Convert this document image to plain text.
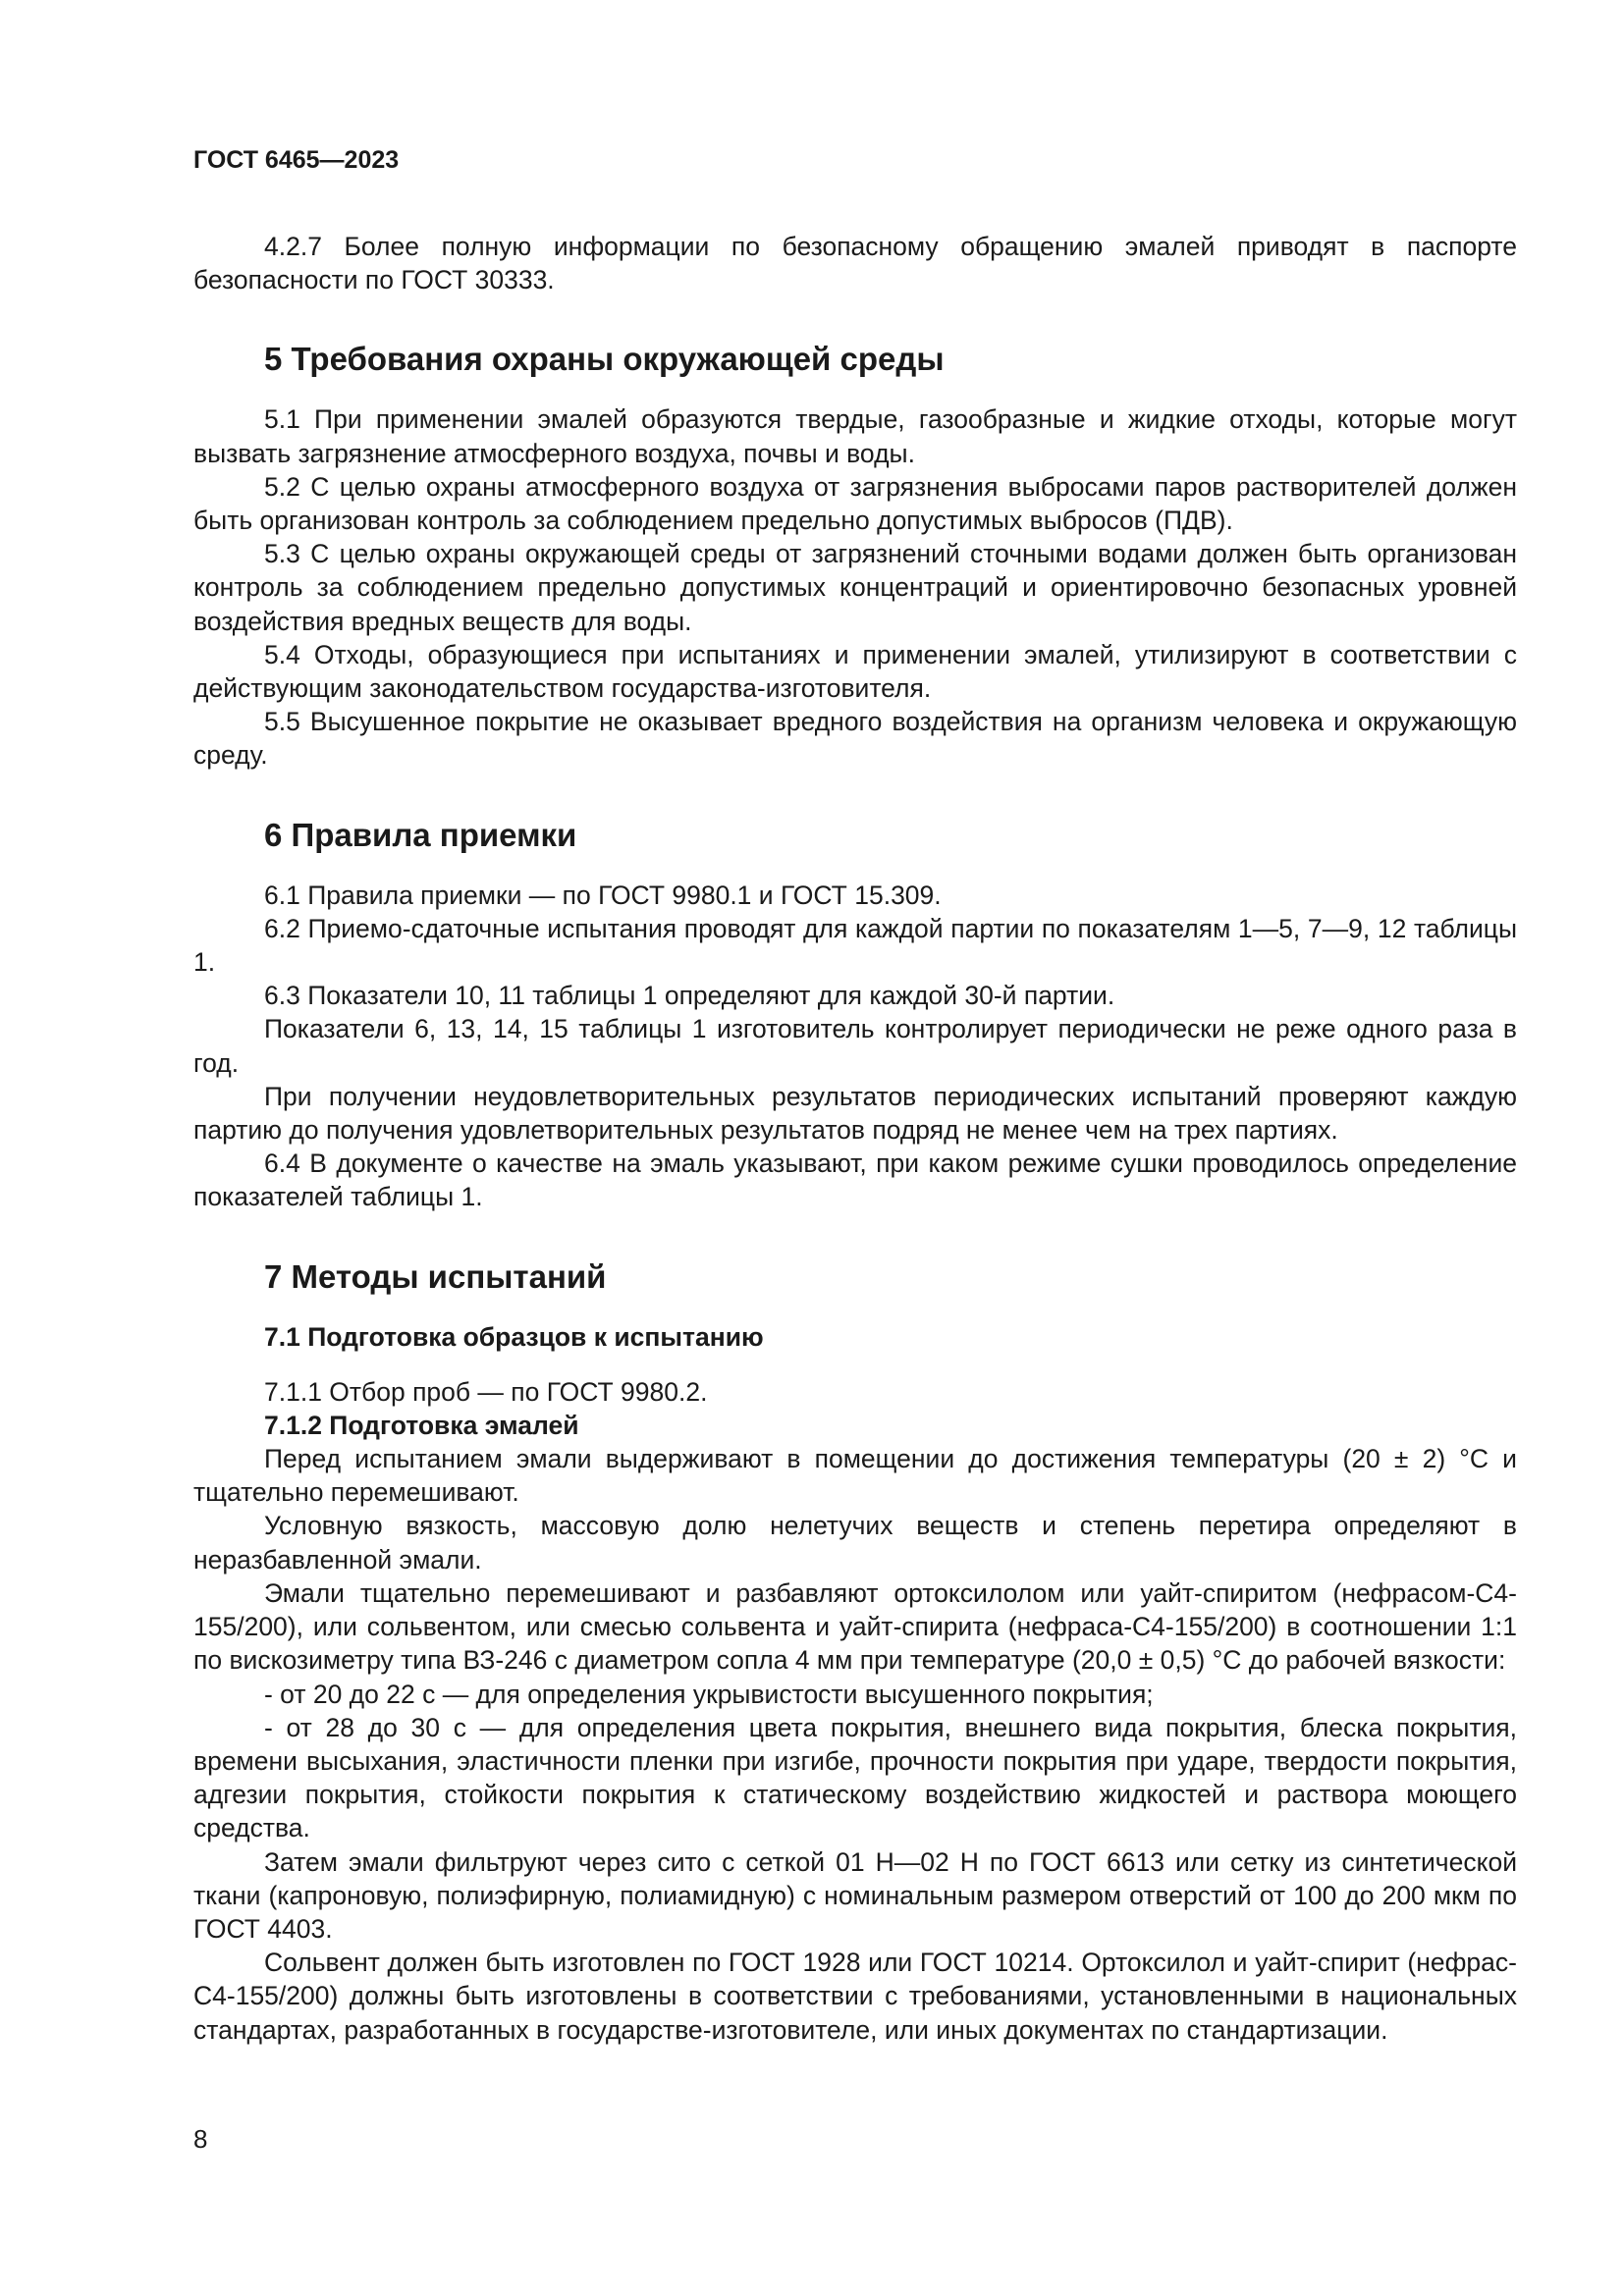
ГОСТ 6465—2023

4.2.7 Более полную информации по безопасному обращению эмалей приводят в паспорте безопасности по ГОСТ 30333.

5 Требования охраны окружающей среды

5.1 При применении эмалей образуются твердые, газообразные и жидкие отходы, которые могут вызвать загрязнение атмосферного воздуха, почвы и воды.

5.2 С целью охраны атмосферного воздуха от загрязнения выбросами паров растворителей должен быть организован контроль за соблюдением предельно допустимых выбросов (ПДВ).

5.3 С целью охраны окружающей среды от загрязнений сточными водами должен быть организован контроль за соблюдением предельно допустимых концентраций и ориентировочно безопасных уровней воздействия вредных веществ для воды.

5.4 Отходы, образующиеся при испытаниях и применении эмалей, утилизируют в соответствии с действующим законодательством государства-изготовителя.

5.5 Высушенное покрытие не оказывает вредного воздействия на организм человека и окружающую среду.

6 Правила приемки

6.1 Правила приемки — по ГОСТ 9980.1 и ГОСТ 15.309.

6.2 Приемо-сдаточные испытания проводят для каждой партии по показателям 1—5, 7—9, 12 таблицы 1.

6.3 Показатели 10, 11 таблицы 1 определяют для каждой 30-й партии.

Показатели 6, 13, 14, 15 таблицы 1 изготовитель контролирует периодически не реже одного раза в год.

При получении неудовлетворительных результатов периодических испытаний проверяют каждую партию до получения удовлетворительных результатов подряд не менее чем на трех партиях.

6.4 В документе о качестве на эмаль указывают, при каком режиме сушки проводилось определение показателей таблицы 1.

7 Методы испытаний
7.1 Подготовка образцов к испытанию

7.1.1 Отбор проб — по ГОСТ 9980.2.

7.1.2 Подготовка эмалей

Перед испытанием эмали выдерживают в помещении до достижения температуры (20 ± 2) °С и тщательно перемешивают.

Условную вязкость, массовую долю нелетучих веществ и степень перетира определяют в неразбавленной эмали.

Эмали тщательно перемешивают и разбавляют ортоксилолом или уайт-спиритом (нефрасом-С4-155/200), или сольвентом, или смесью сольвента и уайт-спирита (нефраса-С4-155/200) в соотношении 1:1 по вискозиметру типа ВЗ-246 с диаметром сопла 4 мм при температуре (20,0 ± 0,5) °С до рабочей вязкости:

- от 20 до 22 с — для определения укрывистости высушенного покрытия;

- от 28 до 30 с — для определения цвета покрытия, внешнего вида покрытия, блеска покрытия, времени высыхания, эластичности пленки при изгибе, прочности покрытия при ударе, твердости покрытия, адгезии покрытия, стойкости покрытия к статическому воздействию жидкостей и раствора моющего средства.

Затем эмали фильтруют через сито с сеткой 01 Н—02 Н по ГОСТ 6613 или сетку из синтетической ткани (капроновую, полиэфирную, полиамидную) с номинальным размером отверстий от 100 до 200 мкм по ГОСТ 4403.

Сольвент должен быть изготовлен по ГОСТ 1928 или ГОСТ 10214. Ортоксилол и уайт-спирит (нефрас-С4-155/200) должны быть изготовлены в соответствии с требованиями, установленными в национальных стандартах, разработанных в государстве-изготовителе, или иных документах по стандартизации.

8
